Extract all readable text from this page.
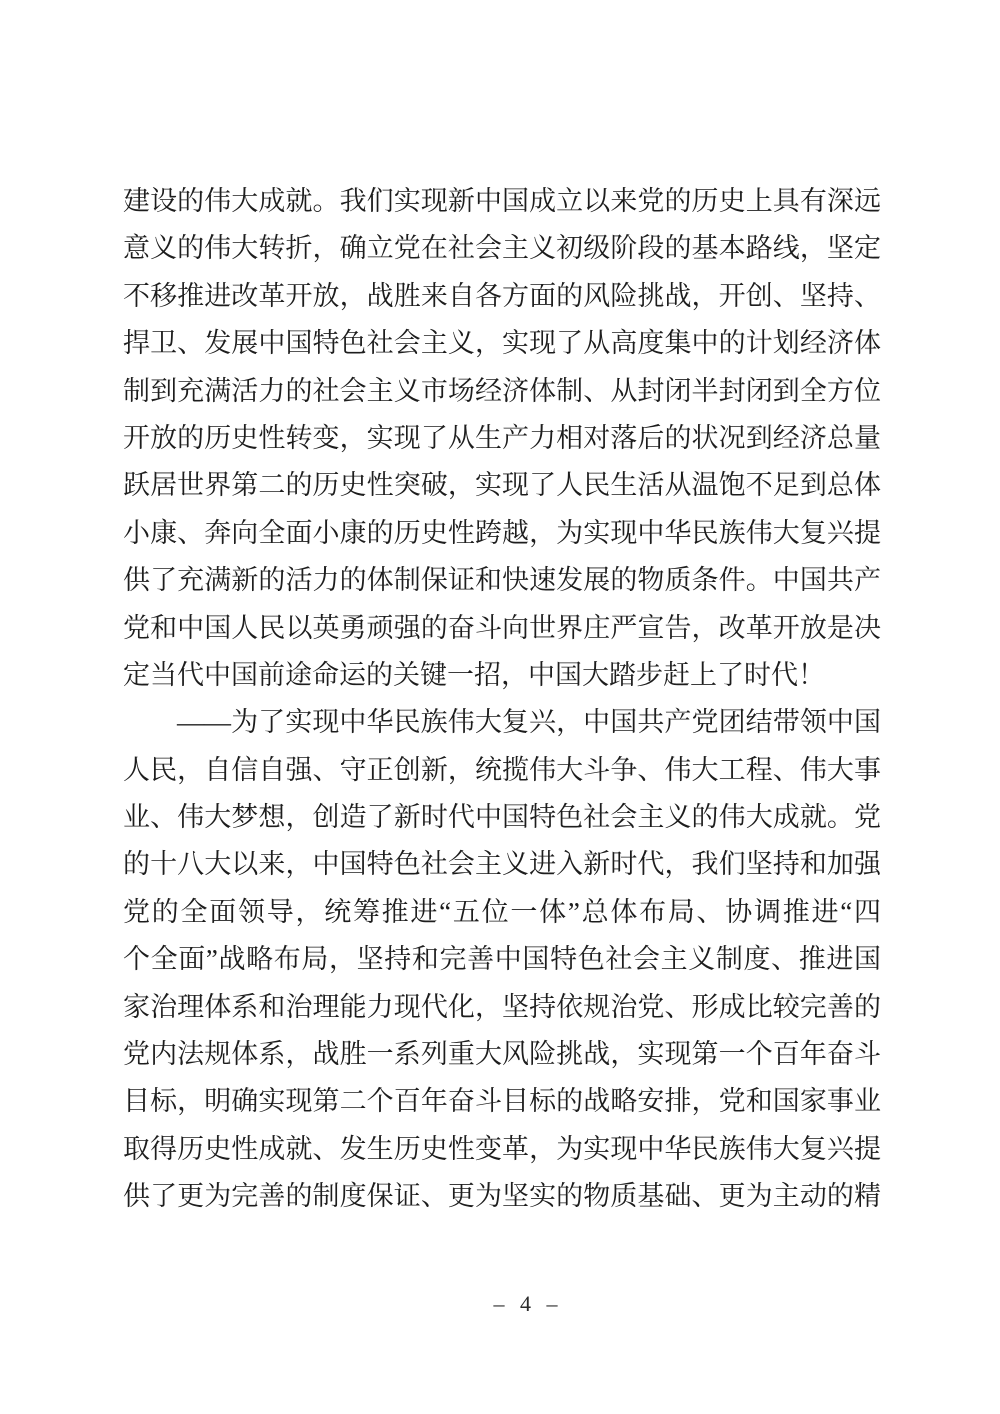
建设的伟大成就。我们实现新中国成立以来党的历史上具有深远
意义的伟大转折，确立党在社会主义初级阶段的基本路线，坚定
不移推进改革开放，战胜来自各方面的风险挑战，开创、坚持、
捍卫、发展中国特色社会主义，实现了从高度集中的计划经济体
制到充满活力的社会主义市场经济体制、从封闭半封闭到全方位
开放的历史性转变，实现了从生产力相对落后的状况到经济总量
跃居世界第二的历史性突破，实现了人民生活从温饱不足到总体
小康、奔向全面小康的历史性跨越，为实现中华民族伟大复兴提
供了充满新的活力的体制保证和快速发展的物质条件。中国共产
党和中国人民以英勇顽强的奋斗向世界庄严宣告，改革开放是决
定当代中国前途命运的关键一招，中国大踏步赶上了时代！
——为了实现中华民族伟大复兴，中国共产党团结带领中国
人民，自信自强、守正创新，统揽伟大斗争、伟大工程、伟大事
业、伟大梦想，创造了新时代中国特色社会主义的伟大成就。党
的十八大以来，中国特色社会主义进入新时代，我们坚持和加强
党的全面领导，统筹推进“五位一体”总体布局、协调推进“四
个全面”战略布局，坚持和完善中国特色社会主义制度、推进国
家治理体系和治理能力现代化，坚持依规治党、形成比较完善的
党内法规体系，战胜一系列重大风险挑战，实现第一个百年奋斗
目标，明确实现第二个百年奋斗目标的战略安排，党和国家事业
取得历史性成就、发生历史性变革，为实现中华民族伟大复兴提
供了更为完善的制度保证、更为坚实的物质基础、更为主动的精
– 4 –
